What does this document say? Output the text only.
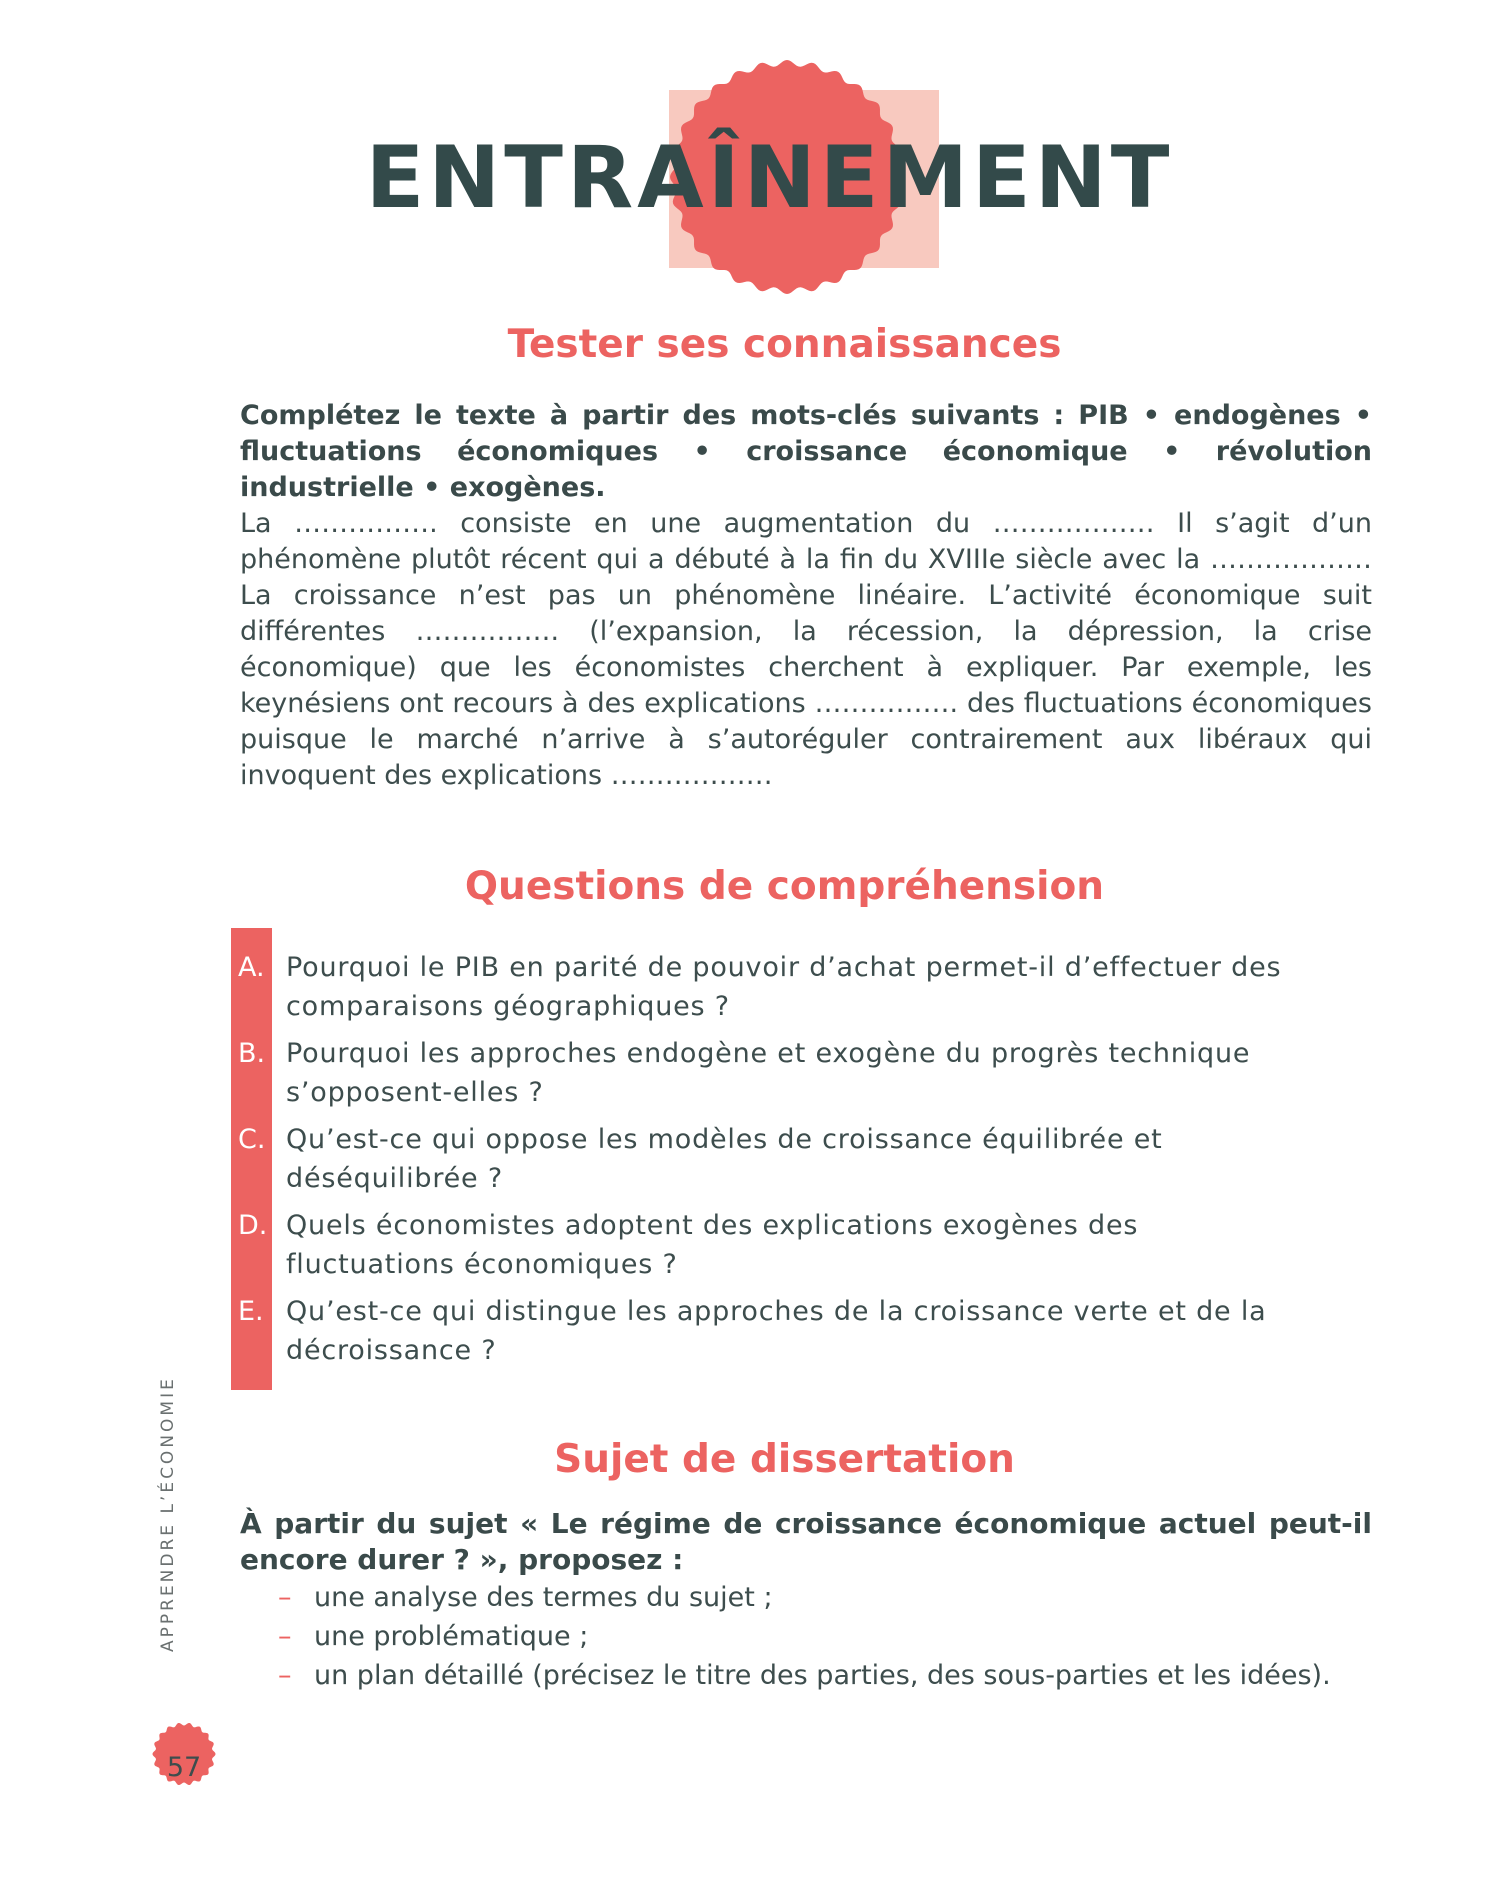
ENTRAÎNEMENT
Tester ses connaissances
Complétez le texte à partir des mots-clés suivants : PIB • endogènes • fluctuations économiques • croissance économique • révolution industrielle • exogènes.
La ……………. consiste en une augmentation du ……………… Il s’agit d’un phénomène plutôt récent qui a débuté à la fin du XVIIIe siècle avec la ……………… La croissance n’est pas un phénomène linéaire. L’activité économique suit différentes ……………. (l’expansion, la récession, la dépression, la crise économique) que les économistes cherchent à expliquer. Par exemple, les keynésiens ont recours à des explications ……………. des fluctuations économiques puisque le marché n’arrive à s’autoréguler contrairement aux libéraux qui invoquent des explications ………………
Questions de compréhension
A. Pourquoi le PIB en parité de pouvoir d’achat permet-il d’effectuer des comparaisons géographiques ?
B. Pourquoi les approches endogène et exogène du progrès technique s’opposent-elles ?
C. Qu’est-ce qui oppose les modèles de croissance équilibrée et déséquilibrée ?
D. Quels économistes adoptent des explications exogènes des fluctuations économiques ?
E. Qu’est-ce qui distingue les approches de la croissance verte et de la décroissance ?
Sujet de dissertation
À partir du sujet « Le régime de croissance économique actuel peut-il encore durer ? », proposez :
– une analyse des termes du sujet ;
– une problématique ;
– un plan détaillé (précisez le titre des parties, des sous-parties et les idées).
APPRENDRE L’ÉCONOMIE
57
